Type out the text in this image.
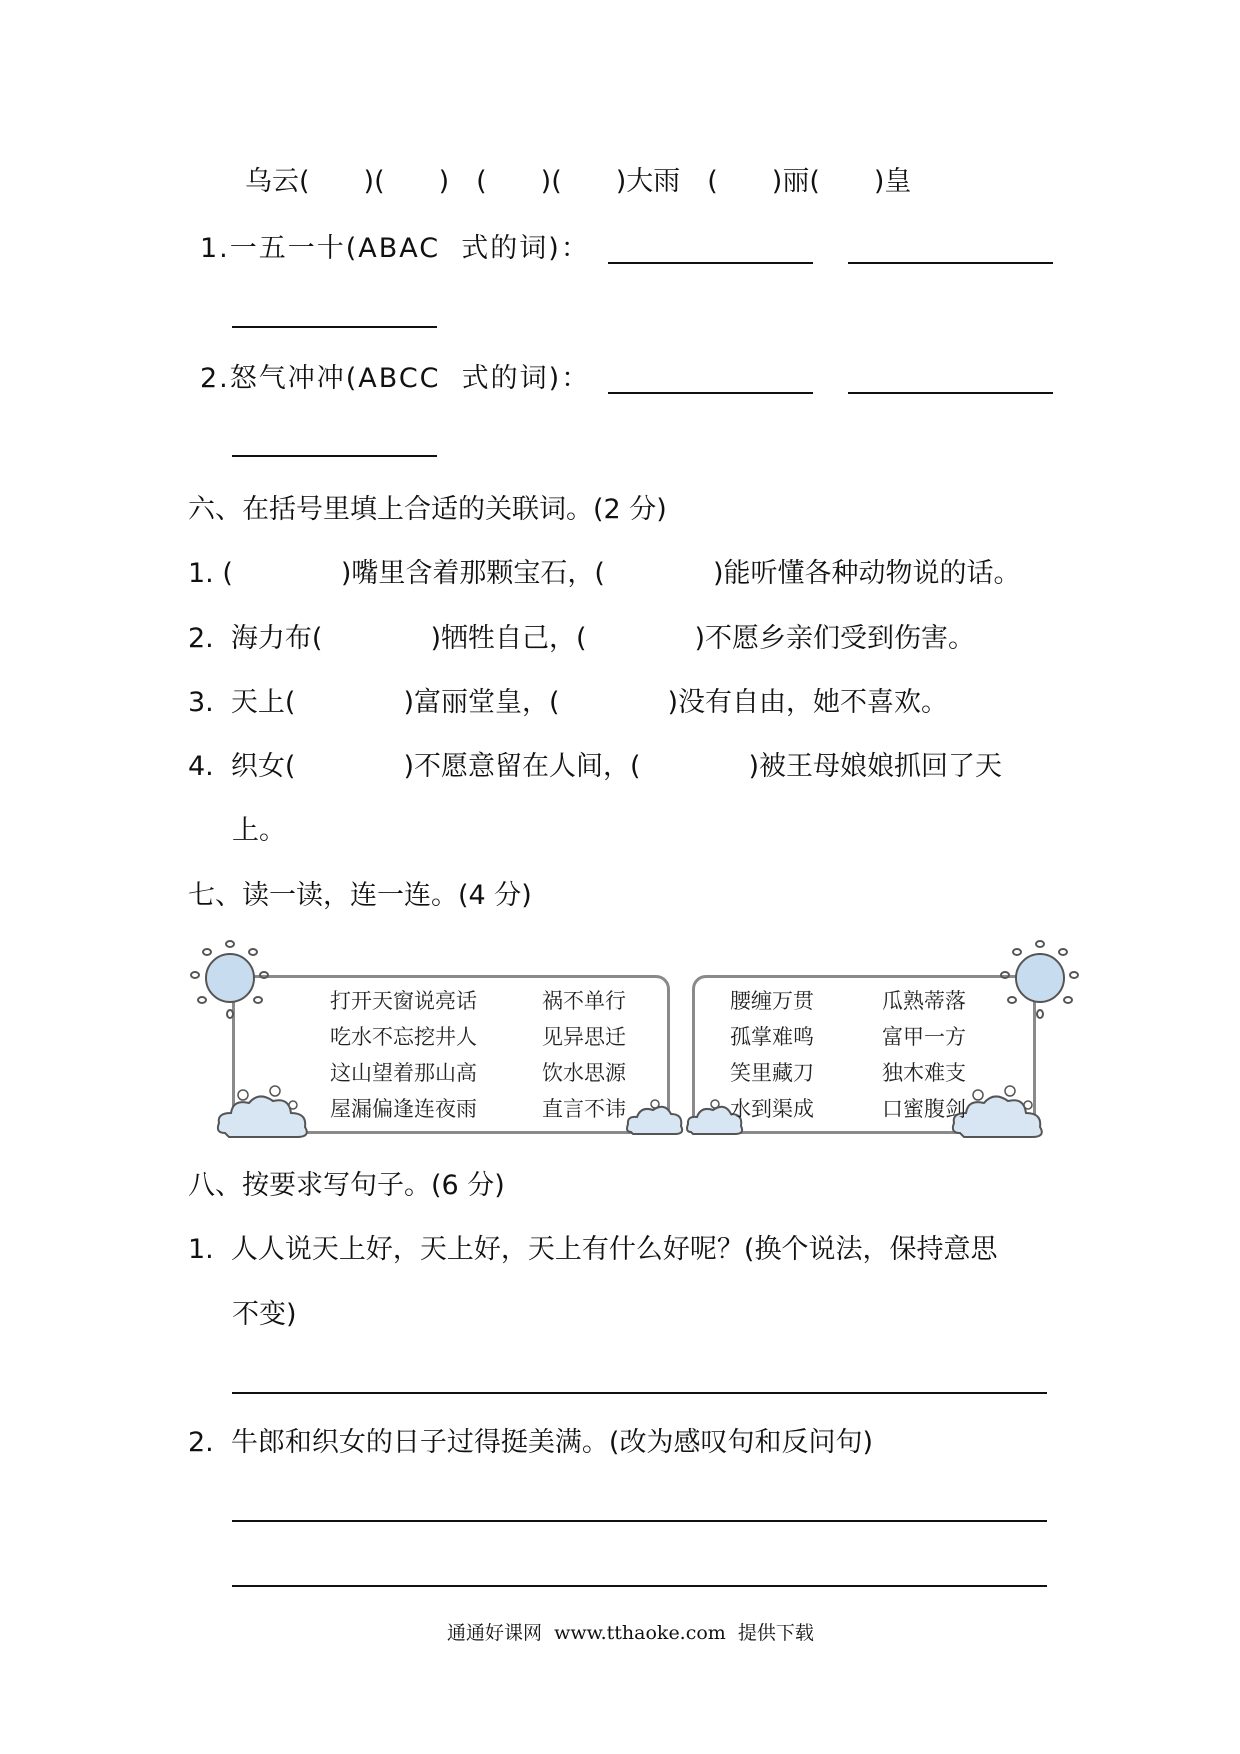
乌云(　　)(　　)　(　　)(　　)大雨　(　　)丽(　　)皇
1.一五一十(ABAC  式的词)：
2.怒气冲冲(ABCC  式的词)：
六、在括号里填上合适的关联词。(2 分)
1. (　　　　)嘴里含着那颗宝石，(　　　　)能听懂各种动物说的话。
2.  海力布(　　　　)牺牲自己，(　　　　)不愿乡亲们受到伤害。
3.  天上(　　　　)富丽堂皇，(　　　　)没有自由，她不喜欢。
4.  织女(　　　　)不愿意留在人间，(　　　　)被王母娘娘抓回了天
上。
七、读一读，连一连。(4 分)
打开天窗说亮话
吃水不忘挖井人
这山望着那山高
屋漏偏逢连夜雨
祸不单行
见异思迁
饮水思源
直言不讳
腰缠万贯
孤掌难鸣
笑里藏刀
水到渠成
瓜熟蒂落
富甲一方
独木难支
口蜜腹剑
八、按要求写句子。(6 分)
1.  人人说天上好，天上好，天上有什么好呢？(换个说法，保持意思
不变)
2.  牛郎和织女的日子过得挺美满。(改为感叹句和反问句)
通通好课网  www.tthaoke.com  提供下载
